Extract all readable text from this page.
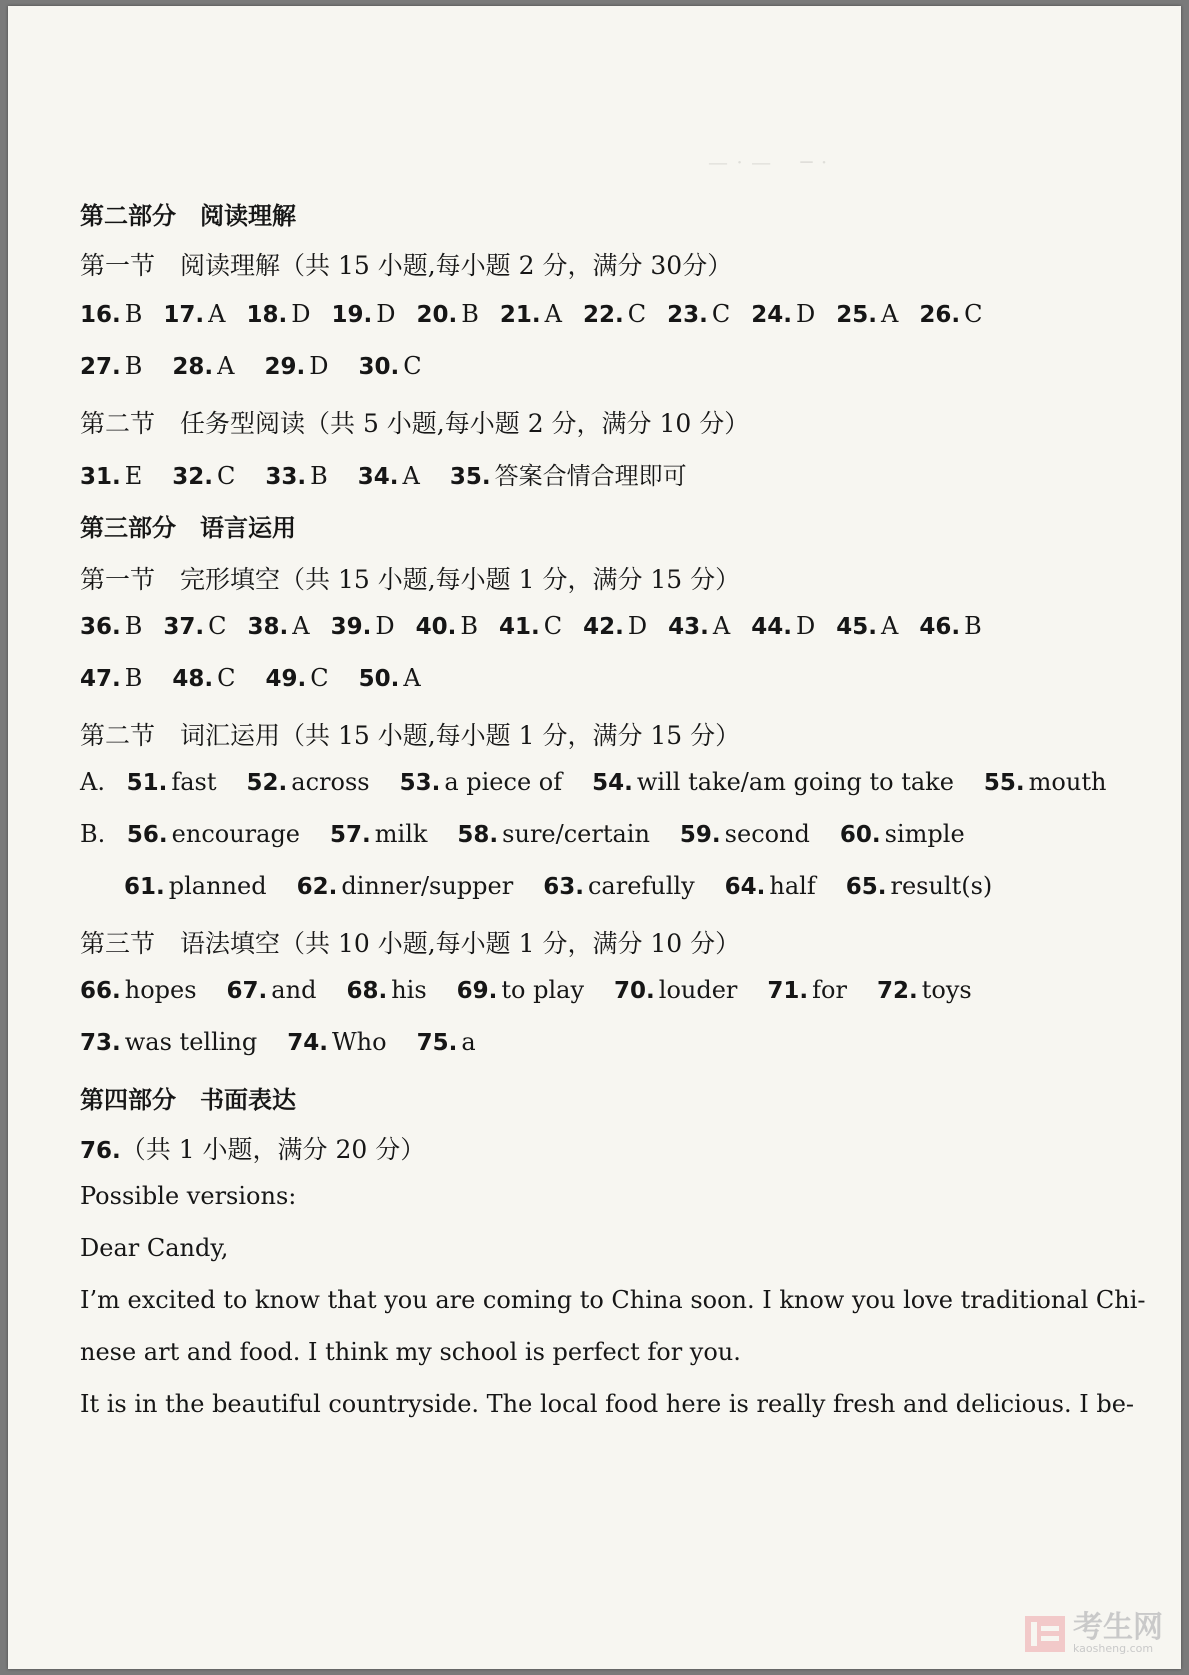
— · —　 ─ ·

第二部分　阅读理解
第一节　阅读理解（共 15 小题,每小题 2 分，满分 30分）
16. B 17. A 18. D 19. D 20. B 21. A 22. C 23. C 24. D 25. A 26. C
27. B 28. A 29. D 30. C
第二节　任务型阅读（共 5 小题,每小题 2 分，满分 10 分）
31. E 32. C 33. B 34. A 35. 答案合情合理即可
第三部分　语言运用
第一节　完形填空（共 15 小题,每小题 1 分，满分 15 分）
36. B 37. C 38. A 39. D 40. B 41. C 42. D 43. A 44. D 45. A 46. B
47. B 48. C 49. C 50. A
第二节　词汇运用（共 15 小题,每小题 1 分，满分 15 分）
A. 51. fast 52. across 53. a piece of 54. will take/am going to take 55. mouth
B. 56. encourage 57. milk 58. sure/certain 59. second 60. simple
61. planned 62. dinner/supper 63. carefully 64. half 65. result(s)
第三节　语法填空（共 10 小题,每小题 1 分，满分 10 分）
66. hopes 67. and 68. his 69. to play 70. louder 71. for 72. toys
73. was telling 74. Who 75. a
第四部分　书面表达
76.（共 1 小题，满分 20 分）
Possible versions:
Dear Candy,
I’m excited to know that you are coming to China soon. I know you love traditional Chi-
nese art and food. I think my school is perfect for you.
It is in the beautiful countryside. The local food here is really fresh and delicious. I be-
考生网
kaosheng.com
